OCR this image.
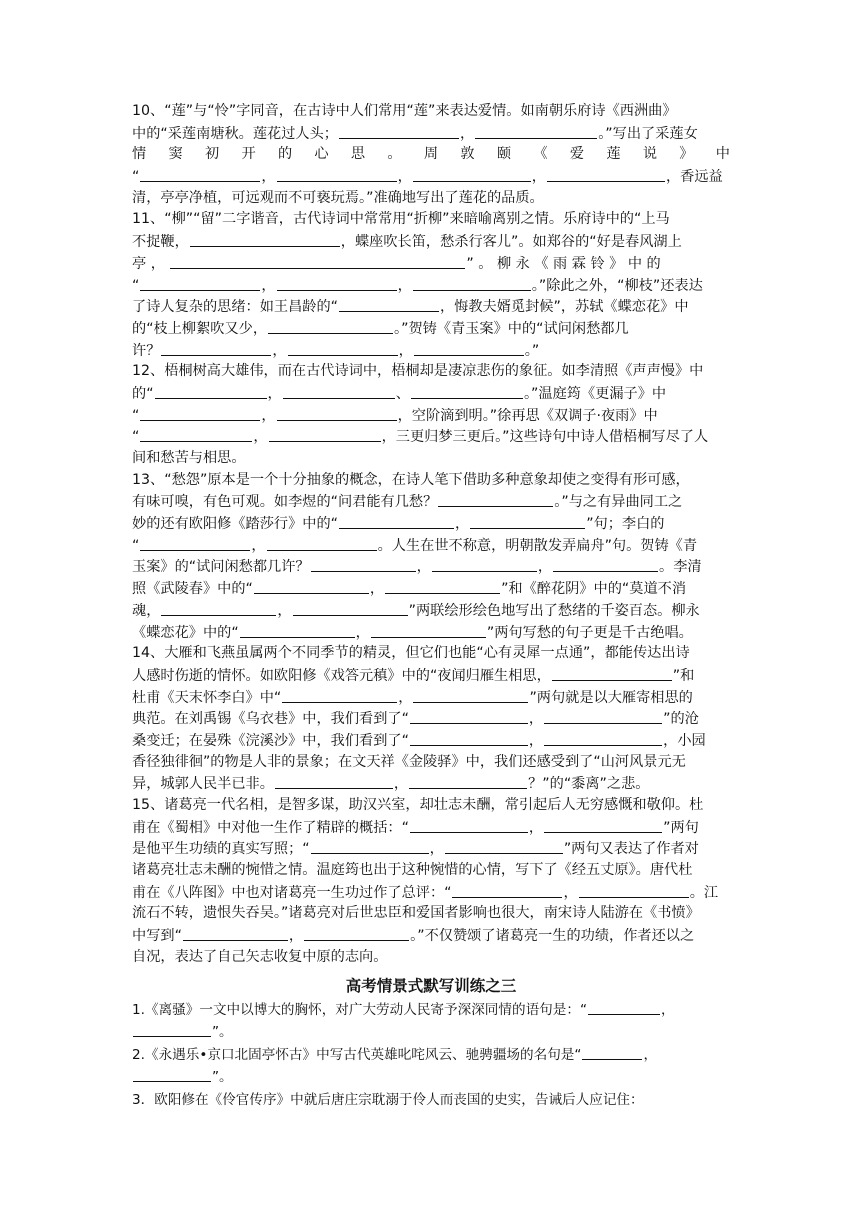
10、“莲”与“怜”字同音，在古诗中人们常用“莲”来表达爱情。如南朝乐府诗《西洲曲》
中的“采莲南塘秋。莲花过人头；	，	。”写出了采莲女
情 窦 初 开 的 心 思 。 周 敦 颐 《 爱 莲 说 》 中
“	，	，	，	，香远益
清，亭亭净植，可远观而不可亵玩焉。”准确地写出了莲花的品质。
11、“柳”“留”二字谐音，古代诗词中常常用“折柳”来暗喻离别之情。乐府诗中的“上马
不捉鞭，	，蝶座吹长笛，愁杀行客儿”。如郑谷的“好是春风湖上
亭 ，	” 。 柳 永 《 雨 霖 铃 》 中 的
“	，	，	。”除此之外，“柳枝”还表达
了诗人复杂的思绪：如王昌龄的“	，悔教夫婿觅封候”，苏轼《蝶恋花》中
的“枝上柳絮吹又少，	。”贺铸《青玉案》中的“试问闲愁都几
许？	，	，	。”
12、梧桐树高大雄伟，而在古代诗词中，梧桐却是凄凉悲伤的象征。如李清照《声声慢》中
的“	，	、	。”温庭筠《更漏子》中
“	，	，空阶滴到明。”徐再思《双调子·夜雨》中
“	，	，三更归梦三更后。”这些诗句中诗人借梧桐写尽了人
间和愁苦与相思。
13、“愁怨”原本是一个十分抽象的概念，在诗人笔下借助多种意象却使之变得有形可感，
有味可嗅，有色可观。如李煜的“问君能有几愁？	。”与之有异曲同工之
妙的还有欧阳修《踏莎行》中的“	，	”句；李白的
“	，	。人生在世不称意，明朝散发弄扁舟”句。贺铸《青
玉案》的“试问闲愁都几许？	，	，	。李清
照《武陵春》中的“	，	”和《醉花阴》中的“莫道不消
魂，	，	”两联绘形绘色地写出了愁绪的千姿百态。柳永
《蝶恋花》中的“	，	”两句写愁的句子更是千古绝唱。
14、大雁和飞燕虽属两个不同季节的精灵，但它们也能“心有灵犀一点通”，都能传达出诗
人感时伤逝的情怀。如欧阳修《戏答元稹》中的“夜闻归雁生相思，	”和
杜甫《天末怀李白》中“	，	”两句就是以大雁寄相思的
典范。在刘禹锡《乌衣巷》中，我们看到了“	，	”的沧
桑变迁；在晏殊《浣溪沙》中，我们看到了“	，	，小园
香径独徘徊”的物是人非的景象；在文天祥《金陵驿》中，我们还感受到了“山河风景元无
异，城郭人民半已非。	，	？”的“黍离”之悲。
15、诸葛亮一代名相，是智多谋，助汉兴室，却壮志未酬，常引起后人无穷感慨和敬仰。杜
甫在《蜀相》中对他一生作了精辟的概括：“	，	”两句
是他平生功绩的真实写照；“	，	”两句又表达了作者对
诸葛亮壮志未酬的惋惜之情。温庭筠也出于这种惋惜的心情，写下了《经五丈原》。唐代杜
甫在《八阵图》中也对诸葛亮一生功过作了总评：“	，	。江
流石不转，遗恨失吞吴。”诸葛亮对后世忠臣和爱国者影响也很大，南宋诗人陆游在《书愤》
中写到“	，	。”不仅赞颂了诸葛亮一生的功绩，作者还以之
自况，表达了自己矢志收复中原的志向。
高考情景式默写训练之三
1.《离骚》一文中以博大的胸怀，对广大劳动人民寄予深深同情的语句是：“	，
”。
2.《永遇乐•京口北固亭怀古》中写古代英雄叱咤风云、驰骋疆场的名句是“	，
”。
3．欧阳修在《伶官传序》中就后唐庄宗耽溺于伶人而丧国的史实，告诫后人应记住：
